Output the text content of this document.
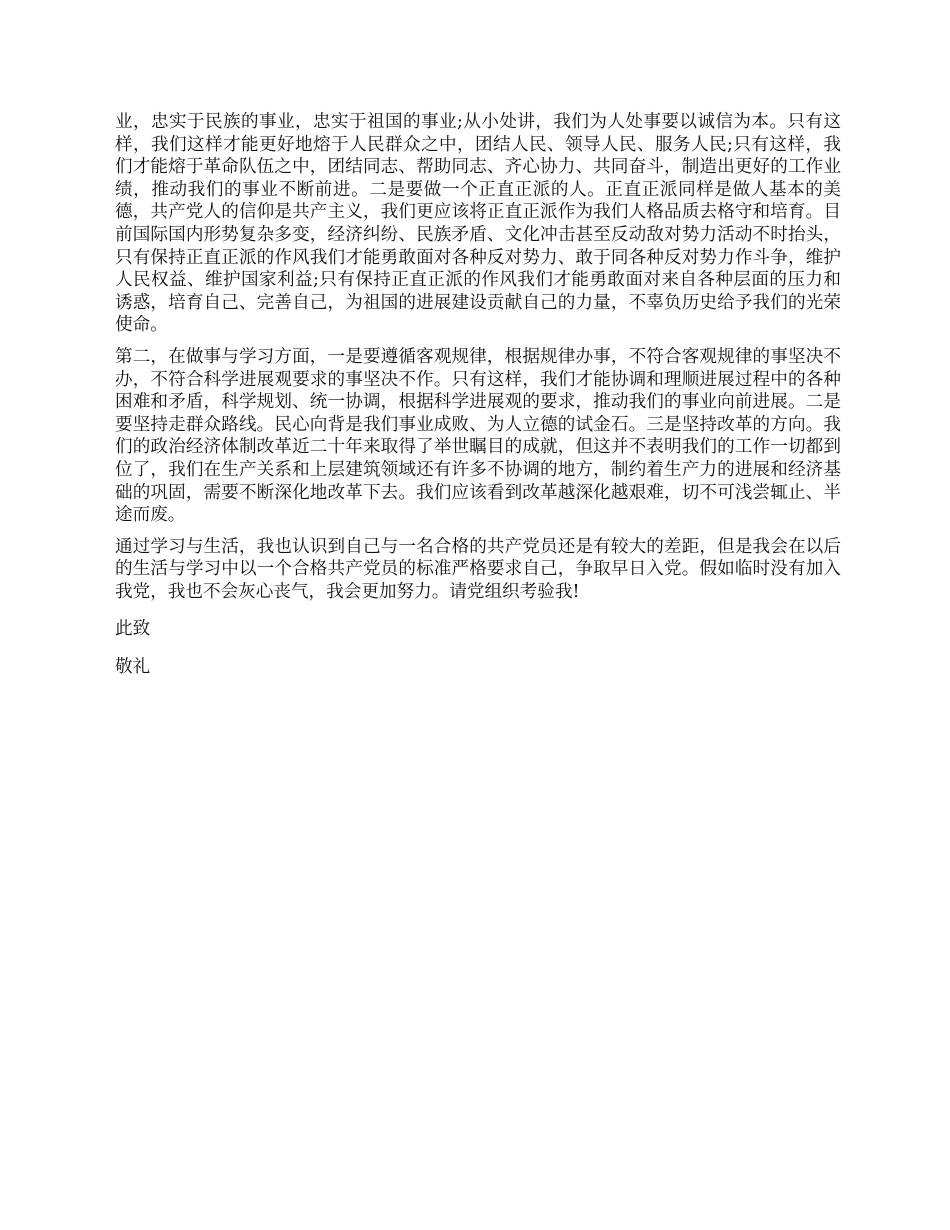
业，忠实于民族的事业，忠实于祖国的事业;从小处讲，我们为人处事要以诚信为本。只有这样，我们这样才能更好地熔于人民群众之中，团结人民、领导人民、服务人民;只有这样，我们才能熔于革命队伍之中，团结同志、帮助同志、齐心协力、共同奋斗，制造出更好的工作业绩，推动我们的事业不断前进。二是要做一个正直正派的人。正直正派同样是做人基本的美德，共产党人的信仰是共产主义，我们更应该将正直正派作为我们人格品质去格守和培育。目前国际国内形势复杂多变，经济纠纷、民族矛盾、文化冲击甚至反动敌对势力活动不时抬头，只有保持正直正派的作风我们才能勇敢面对各种反对势力、敢于同各种反对势力作斗争，维护人民权益、维护国家利益;只有保持正直正派的作风我们才能勇敢面对来自各种层面的压力和诱惑，培育自己、完善自己，为祖国的进展建设贡献自己的力量，不辜负历史给予我们的光荣使命。

第二，在做事与学习方面，一是要遵循客观规律，根据规律办事，不符合客观规律的事坚决不办，不符合科学进展观要求的事坚决不作。只有这样，我们才能协调和理顺进展过程中的各种困难和矛盾，科学规划、统一协调，根据科学进展观的要求，推动我们的事业向前进展。二是要坚持走群众路线。民心向背是我们事业成败、为人立德的试金石。三是坚持改革的方向。我们的政治经济体制改革近二十年来取得了举世瞩目的成就，但这并不表明我们的工作一切都到位了，我们在生产关系和上层建筑领域还有许多不协调的地方，制约着生产力的进展和经济基础的巩固，需要不断深化地改革下去。我们应该看到改革越深化越艰难，切不可浅尝辄止、半途而废。

通过学习与生活，我也认识到自己与一名合格的共产党员还是有较大的差距，但是我会在以后的生活与学习中以一个合格共产党员的标准严格要求自己，争取早日入党。假如临时没有加入我党，我也不会灰心丧气，我会更加努力。请党组织考验我!

此致

敬礼
